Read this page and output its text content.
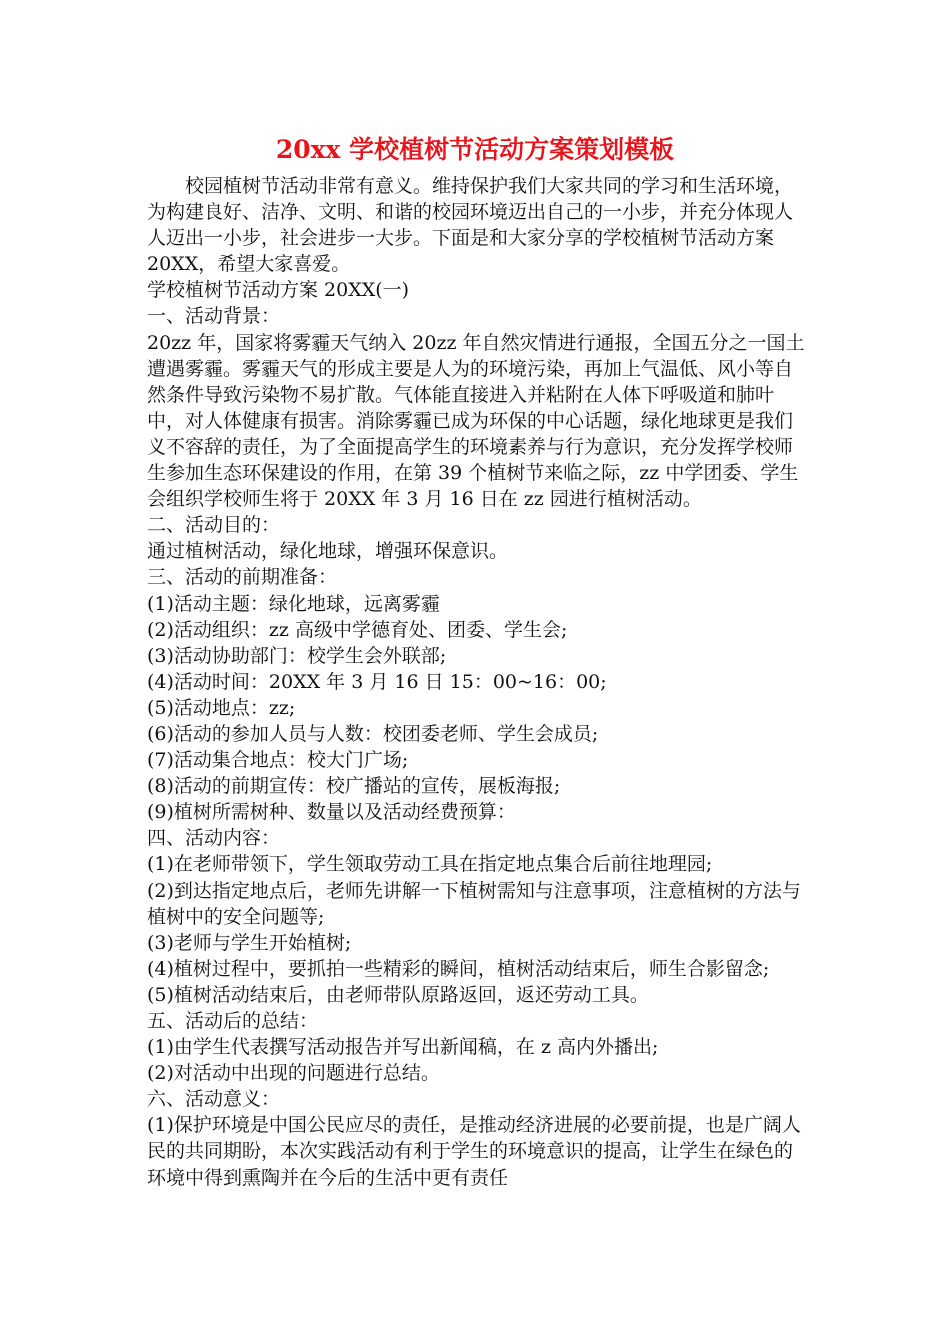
20xx 学校植树节活动方案策划模板

校园植树节活动非常有意义。维持保护我们大家共同的学习和生活环境，为构建良好、洁净、文明、和谐的校园环境迈出自己的一小步，并充分体现人人迈出一小步，社会进步一大步。下面是和大家分享的学校植树节活动方案 20XX，希望大家喜爱。

学校植树节活动方案 20XX(一)

一、活动背景：

20zz 年，国家将雾霾天气纳入 20zz 年自然灾情进行通报，全国五分之一国土遭遇雾霾。雾霾天气的形成主要是人为的环境污染，再加上气温低、风小等自然条件导致污染物不易扩散。气体能直接进入并粘附在人体下呼吸道和肺叶中，对人体健康有损害。消除雾霾已成为环保的中心话题，绿化地球更是我们义不容辞的责任，为了全面提高学生的环境素养与行为意识，充分发挥学校师生参加生态环保建设的作用，在第 39 个植树节来临之际，zz 中学团委、学生会组织学校师生将于 20XX 年 3 月 16 日在 zz 园进行植树活动。

二、活动目的：

通过植树活动，绿化地球，增强环保意识。

三、活动的前期准备：

(1)活动主题：绿化地球，远离雾霾

(2)活动组织：zz 高级中学德育处、团委、学生会;

(3)活动协助部门：校学生会外联部;

(4)活动时间：20XX 年 3 月 16 日 15：00~16：00;

(5)活动地点：zz;

(6)活动的参加人员与人数：校团委老师、学生会成员;

(7)活动集合地点：校大门广场;

(8)活动的前期宣传：校广播站的宣传，展板海报;

(9)植树所需树种、数量以及活动经费预算：

四、活动内容：

(1)在老师带领下，学生领取劳动工具在指定地点集合后前往地理园;

(2)到达指定地点后，老师先讲解一下植树需知与注意事项，注意植树的方法与植树中的安全问题等;

(3)老师与学生开始植树;

(4)植树过程中，要抓拍一些精彩的瞬间，植树活动结束后，师生合影留念;

(5)植树活动结束后，由老师带队原路返回，返还劳动工具。

五、活动后的总结：

(1)由学生代表撰写活动报告并写出新闻稿，在 z 高内外播出;

(2)对活动中出现的问题进行总结。

六、活动意义：

(1)保护环境是中国公民应尽的责任，是推动经济进展的必要前提，也是广阔人民的共同期盼，本次实践活动有利于学生的环境意识的提高，让学生在绿色的环境中得到熏陶并在今后的生活中更有责任
